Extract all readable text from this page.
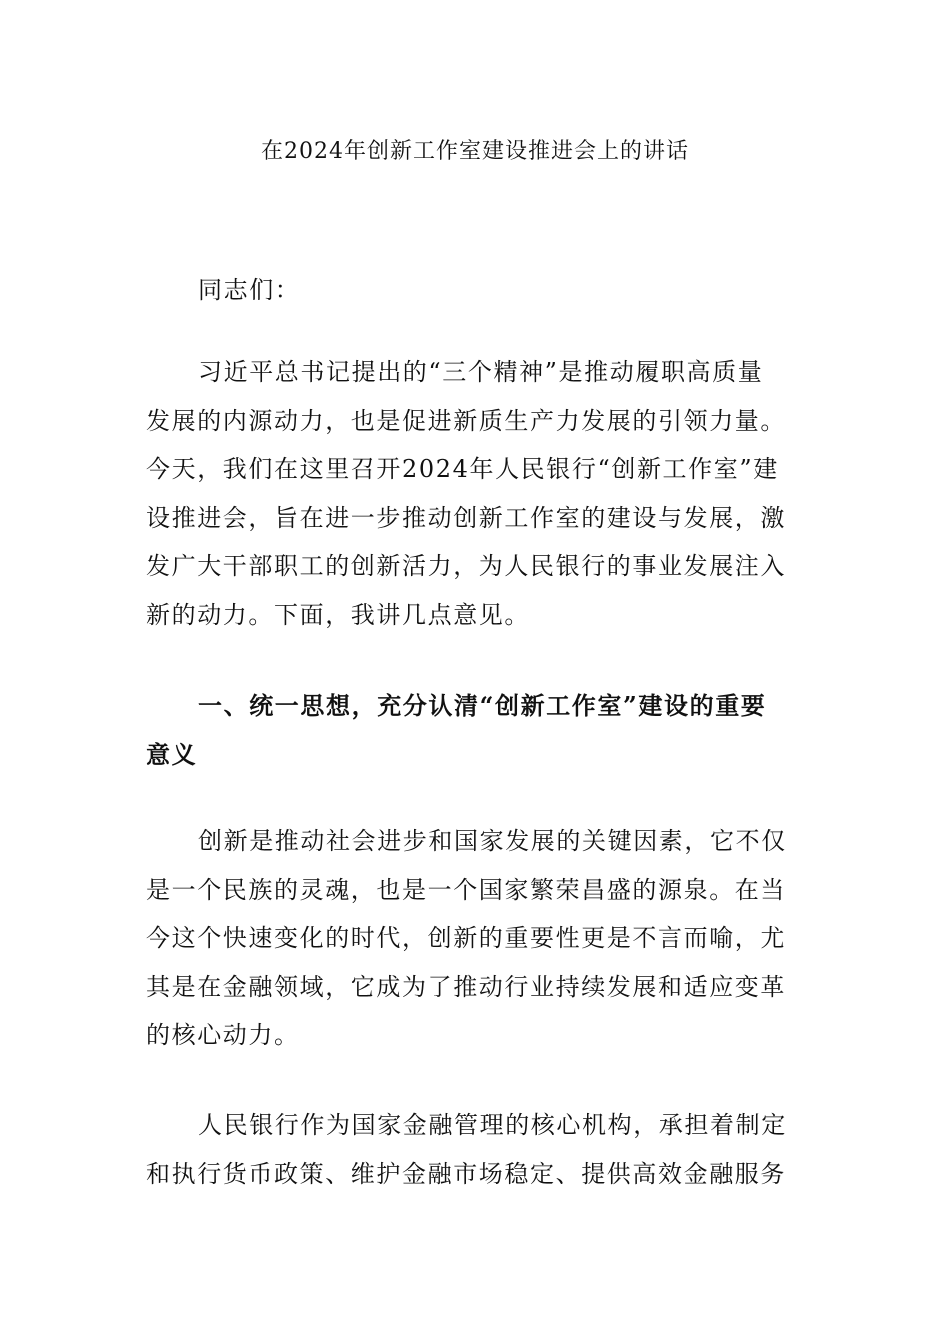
在2024年创新工作室建设推进会上的讲话
同志们：
习近平总书记提出的“三个精神”是推动履职高质量
发展的内源动力，也是促进新质生产力发展的引领力量。
今天，我们在这里召开2024年人民银行“创新工作室”建
设推进会，旨在进一步推动创新工作室的建设与发展，激
发广大干部职工的创新活力，为人民银行的事业发展注入
新的动力。下面，我讲几点意见。
一、统一思想，充分认清“创新工作室”建设的重要
意义
创新是推动社会进步和国家发展的关键因素，它不仅
是一个民族的灵魂，也是一个国家繁荣昌盛的源泉。在当
今这个快速变化的时代，创新的重要性更是不言而喻，尤
其是在金融领域，它成为了推动行业持续发展和适应变革
的核心动力。
人民银行作为国家金融管理的核心机构，承担着制定
和执行货币政策、维护金融市场稳定、提供高效金融服务
